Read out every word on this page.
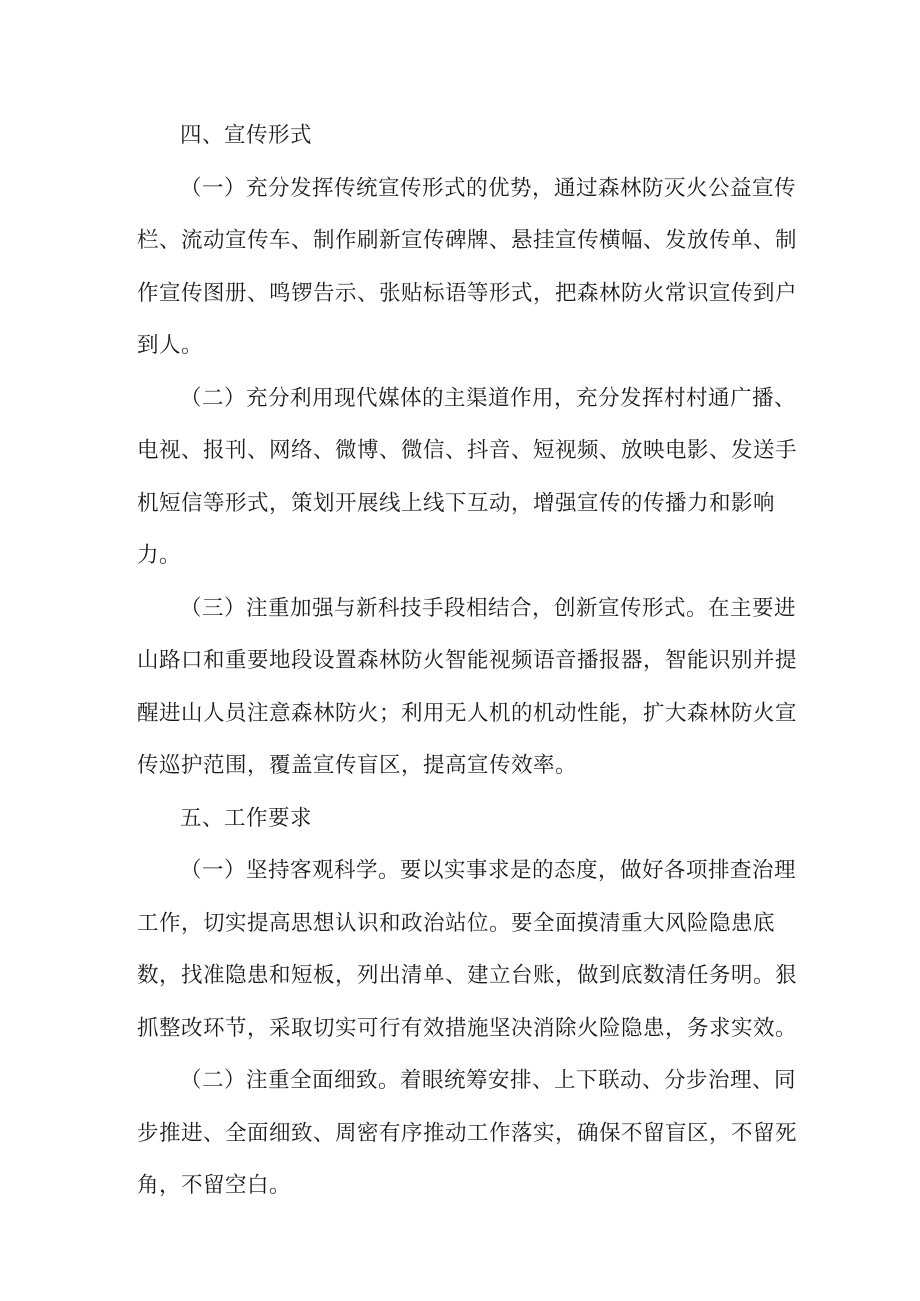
四、宣传形式

（一）充分发挥传统宣传形式的优势，通过森林防灭火公益宣传栏、流动宣传车、制作刷新宣传碑牌、悬挂宣传横幅、发放传单、制作宣传图册、鸣锣告示、张贴标语等形式，把森林防火常识宣传到户到人。

（二）充分利用现代媒体的主渠道作用，充分发挥村村通广播、电视、报刊、网络、微博、微信、抖音、短视频、放映电影、发送手机短信等形式，策划开展线上线下互动，增强宣传的传播力和影响力。

（三）注重加强与新科技手段相结合，创新宣传形式。在主要进山路口和重要地段设置森林防火智能视频语音播报器，智能识别并提醒进山人员注意森林防火；利用无人机的机动性能，扩大森林防火宣传巡护范围，覆盖宣传盲区，提高宣传效率。

五、工作要求

（一）坚持客观科学。要以实事求是的态度，做好各项排查治理工作，切实提高思想认识和政治站位。要全面摸清重大风险隐患底数，找准隐患和短板，列出清单、建立台账，做到底数清任务明。狠抓整改环节，采取切实可行有效措施坚决消除火险隐患，务求实效。

（二）注重全面细致。着眼统筹安排、上下联动、分步治理、同步推进、全面细致、周密有序推动工作落实，确保不留盲区，不留死角，不留空白。
